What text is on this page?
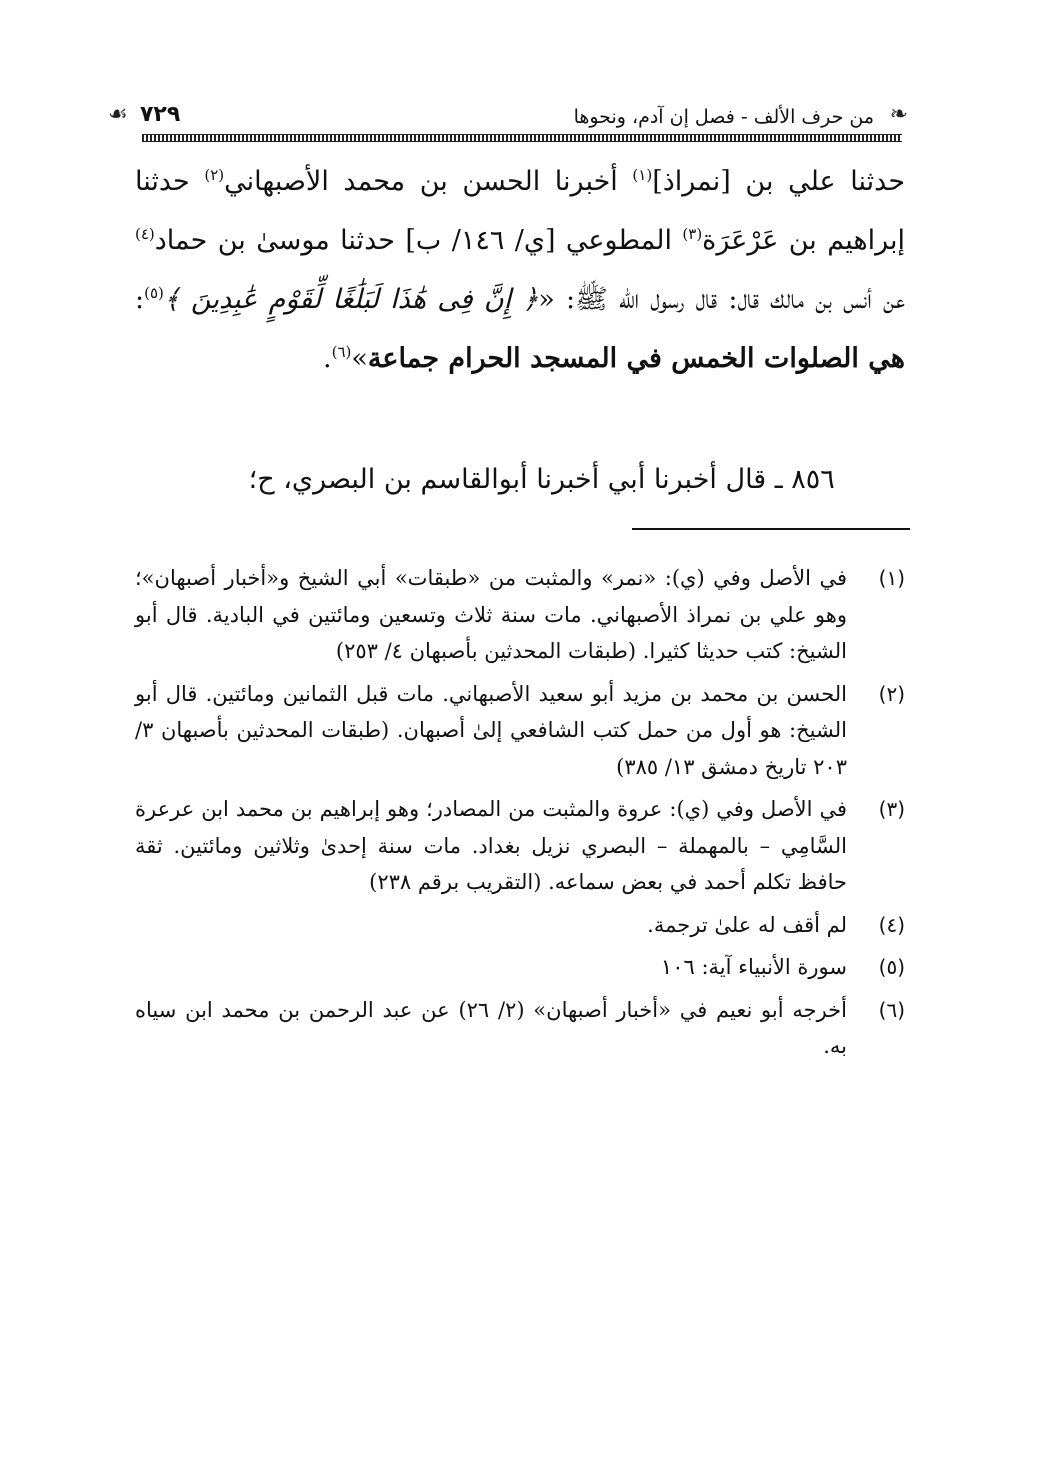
❧
من حرف الألف - فصل إن آدم، ونحوها
٧٢٩
☙

حدثنا علي بن [نمراذ]$^{(١)}$ أخبرنا الحسن بن محمد الأصبهاني$^{(٢)}$ حدثنا إبراهيم بن عَرْعَرَة$^{(٣)}$ المطوعي [ي/ ١٤٦/ ب] حدثنا موسىٰ بن حماد$^{(٤)}$ عن أنس بن مالك قال: قال رسول الله ﷺ: «﴿ إِنَّ فِى هَٰذَا لَبَلَٰغًا لِّقَوْمٍ عَٰبِدِينَ ﴾$^{(٥)}$: هي الصلوات الخمس في المسجد الحرام جماعة»$^{(٦)}$.

٨٥٦ ـ قال أخبرنا أبي أخبرنا أبوالقاسم بن البصري، ح؛
(١)
في الأصل وفي (ي): «نمر» والمثبت من «طبقات» أبي الشيخ و«أخبار أصبهان»؛ وهو علي بن نمراذ الأصبهاني. مات سنة ثلاث وتسعين ومائتين في البادية. قال أبو الشيخ: كتب حديثا كثيرا. (طبقات المحدثين بأصبهان ٤/ ٢٥٣)
(٢)
الحسن بن محمد بن مزيد أبو سعيد الأصبهاني. مات قبل الثمانين ومائتين. قال أبو الشيخ: هو أول من حمل كتب الشافعي إلىٰ أصبهان. (طبقات المحدثين بأصبهان ٣/ ٢٠٣ تاريخ دمشق ١٣/ ٣٨٥)
(٣)
في الأصل وفي (ي): عروة والمثبت من المصادر؛ وهو إبراهيم بن محمد ابن عرعرة السَّامِي – بالمهملة – البصري نزيل بغداد. مات سنة إحدىٰ وثلاثين ومائتين. ثقة حافظ تكلم أحمد في بعض سماعه. (التقريب برقم ٢٣٨)
(٤)
لم أقف له علىٰ ترجمة.
(٥)
سورة الأنبياء آية: ١٠٦
(٦)
أخرجه أبو نعيم في «أخبار أصبهان» (٢/ ٢٦) عن عبد الرحمن بن محمد ابن سياه به.
